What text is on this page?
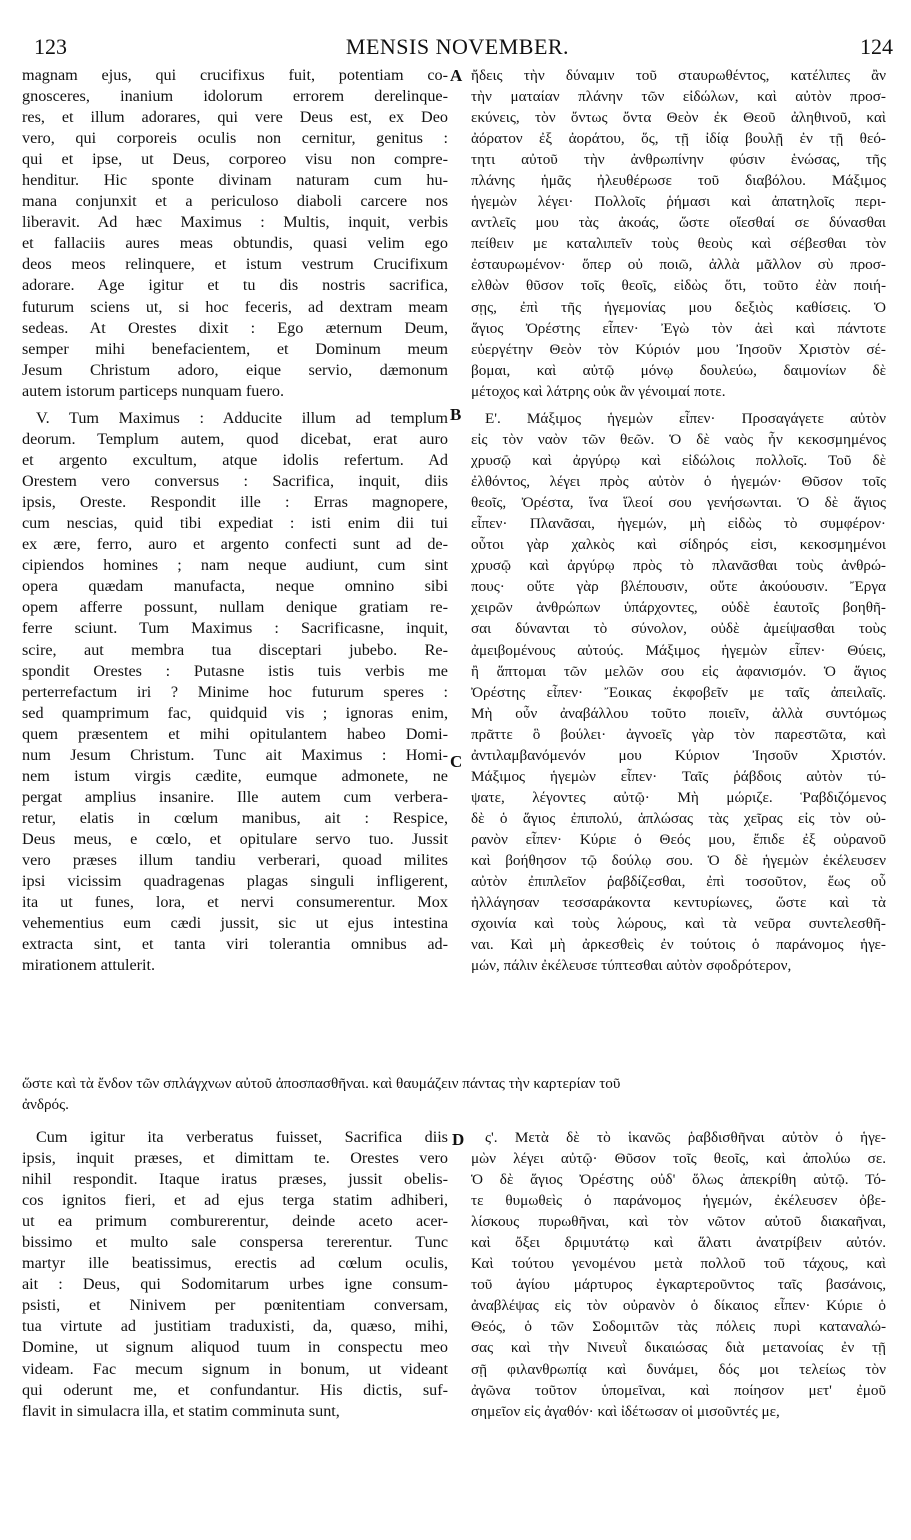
123	MENSIS NOVEMBER.	124
A
B
C
D
magnam ejus, qui crucifixus fuit, potentiam co-
gnosceres, inanium idolorum errorem derelinque-
res, et illum adorares, qui vere Deus est, ex Deo
vero, qui corporeis oculis non cernitur, genitus :
qui et ipse, ut Deus, corporeo visu non compre-
henditur. Hic sponte divinam naturam cum hu-
mana conjunxit et a periculoso diaboli carcere nos
liberavit. Ad hæc Maximus : Multis, inquit, verbis
et fallaciis aures meas obtundis, quasi velim ego
deos meos relinquere, et istum vestrum Crucifixum
adorare. Age igitur et tu dis nostris sacrifica,
futurum sciens ut, si hoc feceris, ad dextram meam
sedeas. At Orestes dixit : Ego æternum Deum,
semper mihi benefacientem, et Dominum meum
Jesum Christum adoro, eique servio, dæmonum
autem istorum particeps nunquam fuero.
V. Tum Maximus : Adducite illum ad templum
deorum. Templum autem, quod dicebat, erat auro
et argento excultum, atque idolis refertum. Ad
Orestem vero conversus : Sacrifica, inquit, diis
ipsis, Oreste. Respondit ille : Erras magnopere,
cum nescias, quid tibi expediat : isti enim dii tui
ex ære, ferro, auro et argento confecti sunt ad de-
cipiendos homines ; nam neque audiunt, cum sint
opera quædam manufacta, neque omnino sibi
opem afferre possunt, nullam denique gratiam re-
ferre sciunt. Tum Maximus : Sacrificasne, inquit,
scire, aut membra tua disceptari jubebo. Re-
spondit Orestes : Putasne istis tuis verbis me
perterrefactum iri ? Minime hoc futurum speres :
sed quamprimum fac, quidquid vis ; ignoras enim,
quem præsentem et mihi opitulantem habeo Domi-
num Jesum Christum. Tunc ait Maximus : Homi-
nem istum virgis cædite, eumque admonete, ne
pergat amplius insanire. Ille autem cum verbera-
retur, elatis in cœlum manibus, ait : Respice,
Deus meus, e cœlo, et opitulare servo tuo. Jussit
vero præses illum tandiu verberari, quoad milites
ipsi vicissim quadragenas plagas singuli infligerent,
ita ut funes, lora, et nervi consumerentur. Mox
vehementius eum cædi jussit, sic ut ejus intestina
extracta sint, et tanta viri tolerantia omnibus ad-
mirationem attulerit.
ἤδεις τὴν δύναμιν τοῦ σταυρωθέντος, κατέλιπες ἂν
τὴν ματαίαν πλάνην τῶν εἰδώλων, καὶ αὐτὸν προσ-
εκύνεις, τὸν ὄντως ὄντα Θεὸν ἐκ Θεοῦ ἀληθινοῦ, καὶ
ἀόρατον ἐξ ἀοράτου, ὅς, τῇ ἰδίᾳ βουλῇ ἐν τῇ θεό-
τητι αὐτοῦ τὴν ἀνθρωπίνην φύσιν ἑνώσας, τῆς
πλάνης ἡμᾶς ἠλευθέρωσε τοῦ διαβόλου. Μάξιμος
ἡγεμὼν λέγει· Πολλοῖς ῥήμασι καὶ ἀπατηλοῖς περι-
αντλεῖς μου τὰς ἀκοάς, ὥστε οἴεσθαί σε δύνασθαι
πείθειν με καταλιπεῖν τοὺς θεοὺς καὶ σέβεσθαι τὸν
ἐσταυρωμένον· ὅπερ οὐ ποιῶ, ἀλλὰ μᾶλλον σὺ προσ-
ελθὼν θῦσον τοῖς θεοῖς, εἰδὼς ὅτι, τοῦτο ἐὰν ποιή-
σῃς, ἐπὶ τῆς ἡγεμονίας μου δεξιὸς καθίσεις. Ὁ
ἅγιος Ὀρέστης εἶπεν· Ἐγὼ τὸν ἀεὶ καὶ πάντοτε
εὐεργέτην Θεὸν τὸν Κύριόν μου Ἰησοῦν Χριστὸν σέ-
βομαι, καὶ αὐτῷ μόνῳ δουλεύω, δαιμονίων δὲ
μέτοχος καὶ λάτρης οὐκ ἂν γένοιμαί ποτε.
Ε'. Μάξιμος ἡγεμὼν εἶπεν· Προσαγάγετε αὐτὸν
εἰς τὸν ναὸν τῶν θεῶν. Ὁ δὲ ναὸς ἦν κεκοσμημένος
χρυσῷ καὶ ἀργύρῳ καὶ εἰδώλοις πολλοῖς. Τοῦ δὲ
ἐλθόντος, λέγει πρὸς αὐτὸν ὁ ἡγεμών· Θῦσον τοῖς
θεοῖς, Ὀρέστα, ἵνα ἵλεοί σου γενήσωνται. Ὁ δὲ ἅγιος
εἶπεν· Πλανᾶσαι, ἡγεμών, μὴ εἰδὼς τὸ συμφέρον·
οὗτοι γὰρ χαλκὸς καὶ σίδηρός εἰσι, κεκοσμημένοι
χρυσῷ καὶ ἀργύρῳ πρὸς τὸ πλανᾶσθαι τοὺς ἀνθρώ-
πους· οὔτε γὰρ βλέπουσιν, οὔτε ἀκούουσιν. Ἔργα
χειρῶν ἀνθρώπων ὑπάρχοντες, οὐδὲ ἑαυτοῖς βοηθῆ-
σαι δύνανται τὸ σύνολον, οὐδὲ ἀμείψασθαι τοὺς
ἀμειβομένους αὐτούς. Μάξιμος ἡγεμὼν εἶπεν· Θύεις,
ἢ ἅπτομαι τῶν μελῶν σου εἰς ἀφανισμόν. Ὁ ἅγιος
Ὀρέστης εἶπεν· Ἔοικας ἐκφοβεῖν με ταῖς ἀπειλαῖς.
Μὴ οὖν ἀναβάλλου τοῦτο ποιεῖν, ἀλλὰ συντόμως
πρᾶττε ὃ βούλει· ἀγνοεῖς γὰρ τὸν παρεστῶτα, καὶ
ἀντιλαμβανόμενόν μου Κύριον Ἰησοῦν Χριστόν.
Μάξιμος ἡγεμὼν εἶπεν· Ταῖς ῥάβδοις αὐτὸν τύ-
ψατε, λέγοντες αὐτῷ· Μὴ μώριζε. Ῥαβδιζόμενος
δὲ ὁ ἅγιος ἐπιπολύ, ἁπλώσας τὰς χεῖρας εἰς τὸν οὐ-
ρανὸν εἶπεν· Κύριε ὁ Θεός μου, ἔπιδε ἐξ οὐρανοῦ
καὶ βοήθησον τῷ δούλῳ σου. Ὁ δὲ ἡγεμὼν ἐκέλευσεν
αὐτὸν ἐπιπλεῖον ῥαβδίζεσθαι, ἐπὶ τοσοῦτον, ἕως οὗ
ἠλλάγησαν τεσσαράκοντα κεντυρίωνες, ὥστε καὶ τὰ
σχοινία καὶ τοὺς λώρους, καὶ τὰ νεῦρα συντελεσθῆ-
ναι. Καὶ μὴ ἀρκεσθεὶς ἐν τούτοις ὁ παράνομος ἡγε-
μών, πάλιν ἐκέλευσε τύπτεσθαι αὐτὸν σφοδρότερον,
ὥστε καὶ τὰ ἔνδον τῶν σπλάγχνων αὐτοῦ ἀποσπασθῆναι. καὶ θαυμάζειν πάντας τὴν καρτερίαν τοῦ
ἀνδρός.
Cum igitur ita verberatus fuisset, Sacrifica diis
ipsis, inquit præses, et dimittam te. Orestes vero
nihil respondit. Itaque iratus præses, jussit obelis-
cos ignitos fieri, et ad ejus terga statim adhiberi,
ut ea primum comburerentur, deinde aceto acer-
bissimo et multo sale conspersa tererentur. Tunc
martyr ille beatissimus, erectis ad cœlum oculis,
ait : Deus, qui Sodomitarum urbes igne consum-
psisti, et Ninivem per pœnitentiam conversam,
tua virtute ad justitiam traduxisti, da, quæso, mihi,
Domine, ut signum aliquod tuum in conspectu meo
videam. Fac mecum signum in bonum, ut videant
qui oderunt me, et confundantur. His dictis, suf-
flavit in simulacra illa, et statim comminuta sunt,
ς'. Μετὰ δὲ τὸ ἱκανῶς ῥαβδισθῆναι αὐτὸν ὁ ἡγε-
μὼν λέγει αὐτῷ· Θῦσον τοῖς θεοῖς, καὶ ἀπολύω σε.
Ὁ δὲ ἅγιος Ὀρέστης οὐδ' ὅλως ἀπεκρίθη αὐτῷ. Τό-
τε θυμωθεὶς ὁ παράνομος ἡγεμών, ἐκέλευσεν ὀβε-
λίσκους πυρωθῆναι, καὶ τὸν νῶτον αὐτοῦ διακαῆναι,
καὶ ὄξει δριμυτάτῳ καὶ ἅλατι ἀνατρίβειν αὐτόν.
Καὶ τούτου γενομένου μετὰ πολλοῦ τοῦ τάχους, καὶ
τοῦ ἁγίου μάρτυρος ἐγκαρτεροῦντος ταῖς βασάνοις,
ἀναβλέψας εἰς τὸν οὐρανὸν ὁ δίκαιος εἶπεν· Κύριε ὁ
Θεός, ὁ τῶν Σοδομιτῶν τὰς πόλεις πυρὶ καταναλώ-
σας καὶ τὴν Νινευῒ δικαιώσας διὰ μετανοίας ἐν τῇ
σῇ φιλανθρωπίᾳ καὶ δυνάμει, δός μοι τελείως τὸν
ἀγῶνα τοῦτον ὑπομεῖναι, καὶ ποίησον μετ' ἐμοῦ
σημεῖον εἰς ἀγαθόν· καὶ ἰδέτωσαν οἱ μισοῦντές με,
